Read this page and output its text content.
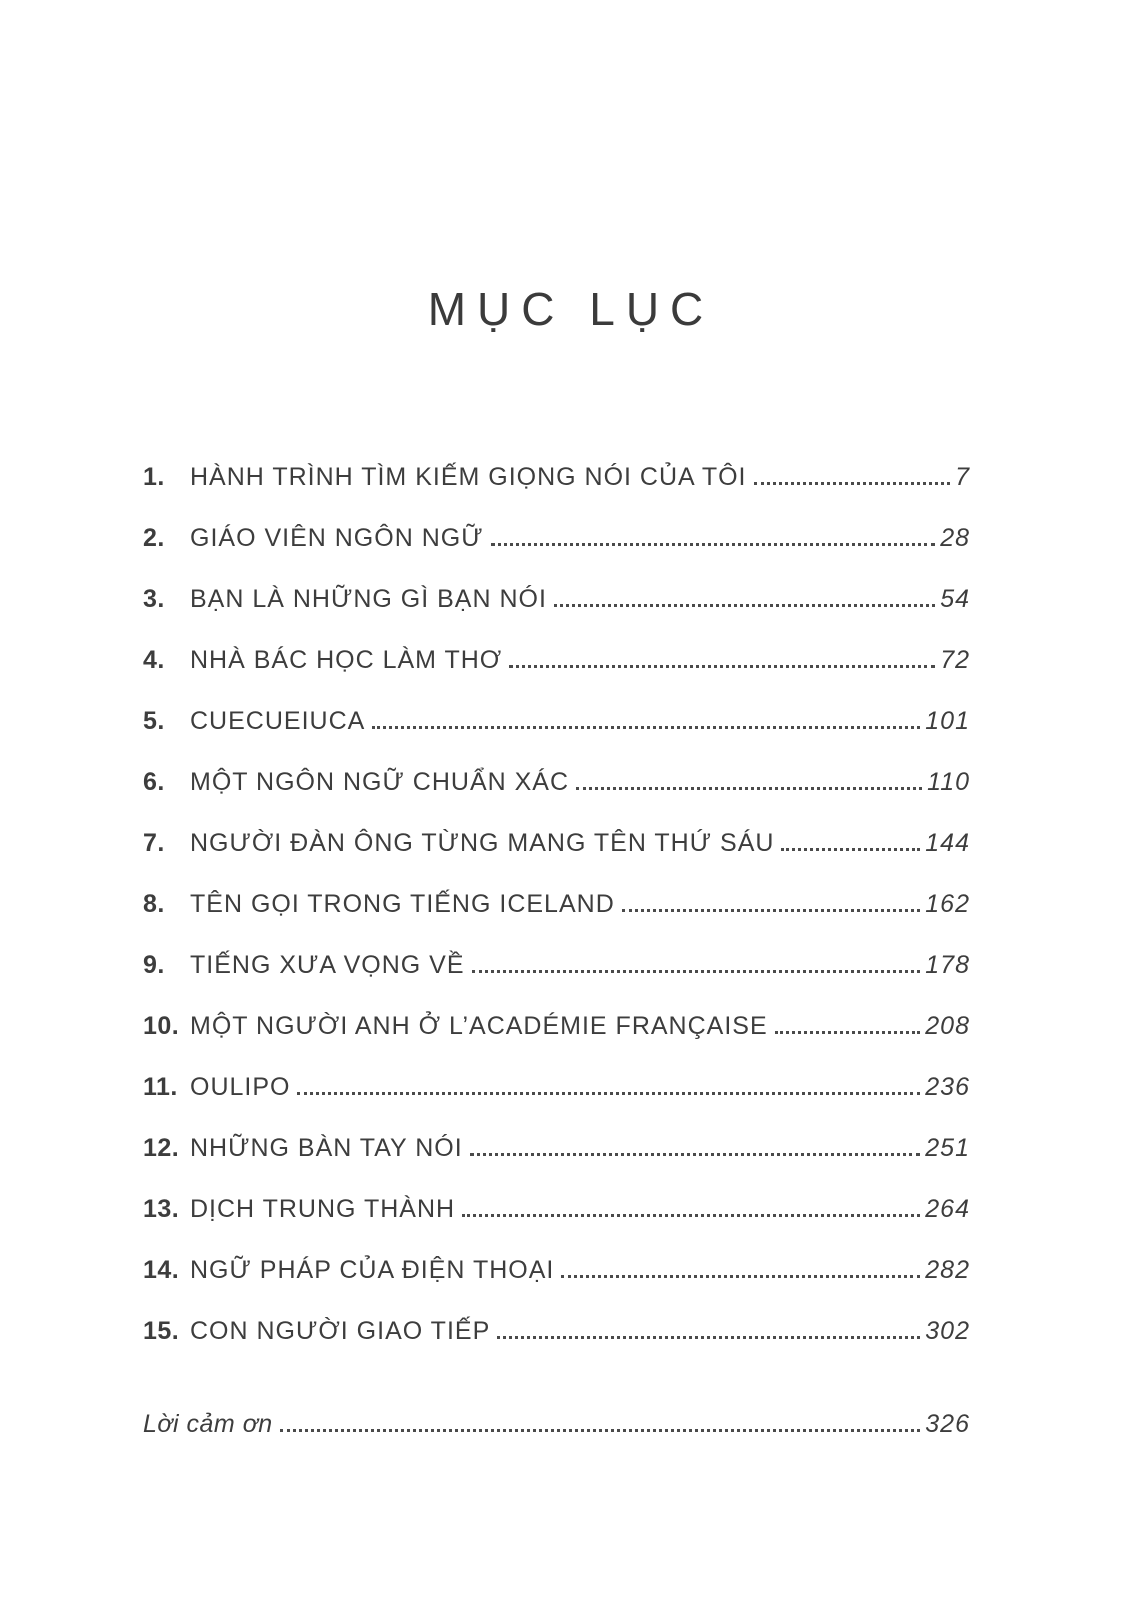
MỤC LỤC
1.	HÀNH TRÌNH TÌM KIẾM GIỌNG NÓI CỦA TÔI	7
2.	GIÁO VIÊN NGÔN NGỮ	28
3.	BẠN LÀ NHỮNG GÌ BẠN NÓI	54
4.	NHÀ BÁC HỌC LÀM THƠ	72
5.	CUECUEIUCA	101
6.	MỘT NGÔN NGỮ CHUẨN XÁC	110
7.	NGƯỜI ĐÀN ÔNG TỪNG MANG TÊN THỨ SÁU	144
8.	TÊN GỌI TRONG TIẾNG ICELAND	162
9.	TIẾNG XƯA VỌNG VỀ	178
10. MỘT NGƯỜI ANH Ở L’ACADÉMIE FRANÇAISE	208
11. OULIPO	236
12. NHỮNG BÀN TAY NÓI	251
13. DỊCH TRUNG THÀNH	264
14. NGỮ PHÁP CỦA ĐIỆN THOẠI	282
15. CON NGƯỜI GIAO TIẾP	302
Lời cảm ơn	326
